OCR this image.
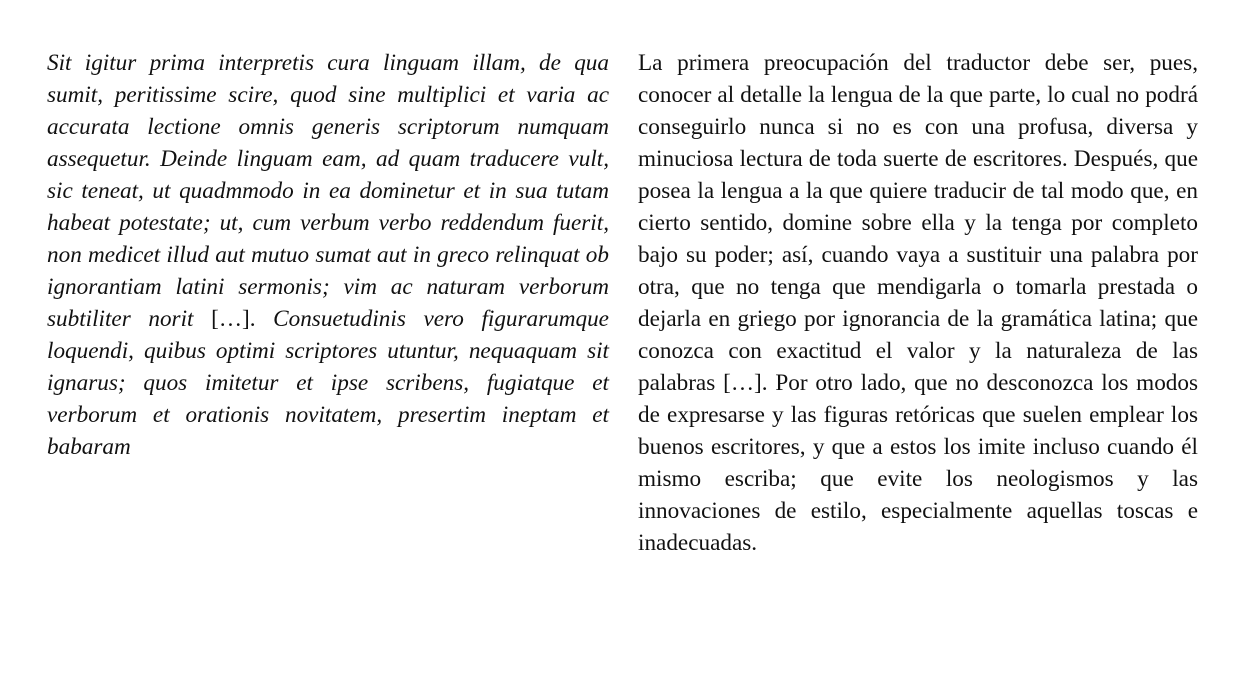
Sit igitur prima interpretis cura linguam illam, de qua sumit, peritissime scire, quod sine multiplici et varia ac accurata lectione omnis generis scriptorum numquam assequetur. Deinde linguam eam, ad quam traducere vult, sic teneat, ut quadmmodo in ea dominetur et in sua tutam habeat potestate; ut, cum verbum verbo reddendum fuerit, non medicet illud aut mutuo sumat aut in greco relinquat ob ignorantiam latini sermonis; vim ac naturam verborum subtiliter norit […]. Consuetudinis vero figurarumque loquendi, quibus optimi scriptores utuntur, nequaquam sit ignarus; quos imitetur et ipse scribens, fugiatque et verborum et orationis novitatem, presertim ineptam et babaram

La primera preocupación del traductor debe ser, pues, conocer al detalle la lengua de la que parte, lo cual no podrá conseguirlo nunca si no es con una profusa, diversa y minuciosa lectura de toda suerte de escritores. Después, que posea la lengua a la que quiere traducir de tal modo que, en cierto sentido, domine sobre ella y la tenga por completo bajo su poder; así, cuando vaya a sustituir una palabra por otra, que no tenga que mendigarla o tomarla prestada o dejarla en griego por ignorancia de la gramática latina; que conozca con exactitud el valor y la naturaleza de las palabras […]. Por otro lado, que no desconozca los modos de expresarse y las figuras retóricas que suelen emplear los buenos escritores, y que a estos los imite incluso cuando él mismo escriba; que evite los neologismos y las innovaciones de estilo, especialmente aquellas toscas e inadecuadas.
